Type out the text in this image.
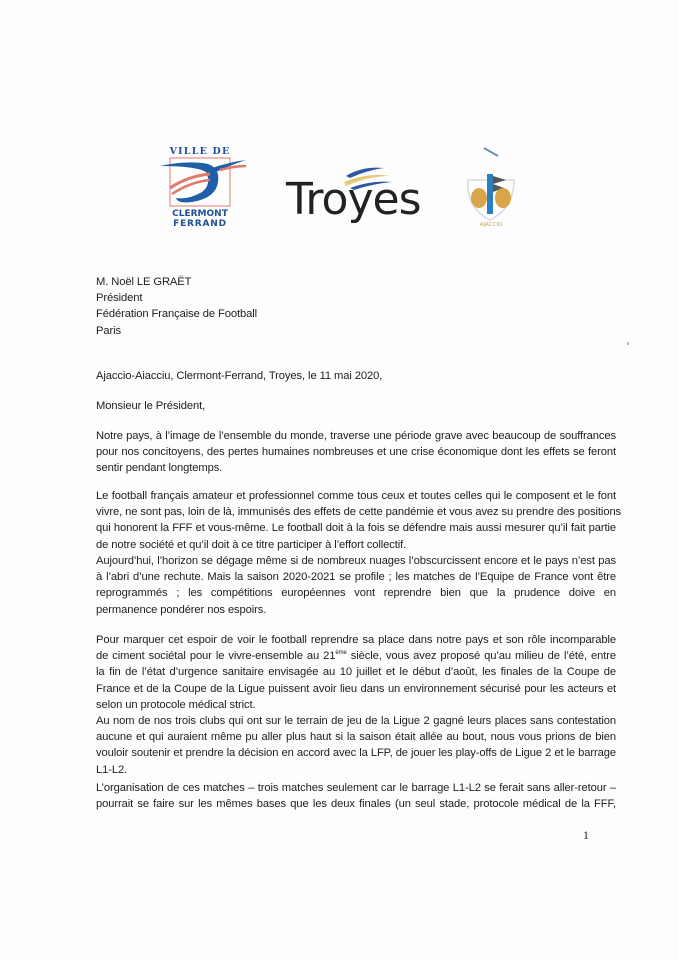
VILLE DE
CLERMONT
FERRAND Troyes	AJACCIO
M. Noël LE GRAËT
Président
Fédération Française de Football
Paris
Ajaccio-Aiacciu, Clermont-Ferrand, Troyes, le 11 mai 2020,
Monsieur le Président,

Notre pays, à l’image de l’ensemble du monde, traverse une période grave avec beaucoup de souffrances
pour nos concitoyens, des pertes humaines nombreuses et une crise économique dont les effets se feront
sentir pendant longtemps.

Le football français amateur et professionnel comme tous ceux et toutes celles qui le composent et le font
vivre, ne sont pas, loin de là, immunisés des effets de cette pandémie et vous avez su prendre des positions
qui honorent la FFF et vous-même. Le football doit à la fois se défendre mais aussi mesurer qu’il fait partie
de notre société et qu’il doit à ce titre participer à l’effort collectif.

Aujourd’hui, l’horizon se dégage même si de nombreux nuages l’obscurcissent encore et le pays n’est pas
à l’abri d’une rechute. Mais la saison 2020-2021 se profile ; les matches de l’Equipe de France vont être
reprogrammés ; les compétitions européennes vont reprendre bien que la prudence doive en
permanence pondérer nos espoirs.

Pour marquer cet espoir de voir le football reprendre sa place dans notre pays et son rôle incomparable
de ciment sociétal pour le vivre-ensemble au 21ème siècle, vous avez proposé qu’au milieu de l’été, entre
la fin de l’état d’urgence sanitaire envisagée au 10 juillet et le début d’août, les finales de la Coupe de
France et de la Coupe de la Ligue puissent avoir lieu dans un environnement sécurisé pour les acteurs et
selon un protocole médical strict.

Au nom de nos trois clubs qui ont sur le terrain de jeu de la Ligue 2 gagné leurs places sans contestation
aucune et qui auraient même pu aller plus haut si la saison était allée au bout, nous vous prions de bien
vouloir soutenir et prendre la décision en accord avec la LFP, de jouer les play-offs de Ligue 2 et le barrage
L1-L2.

L’organisation de ces matches – trois matches seulement car le barrage L1-L2 se ferait sans aller-retour –
pourrait se faire sur les mêmes bases que les deux finales (un seul stade, protocole médical de la FFF,

1
